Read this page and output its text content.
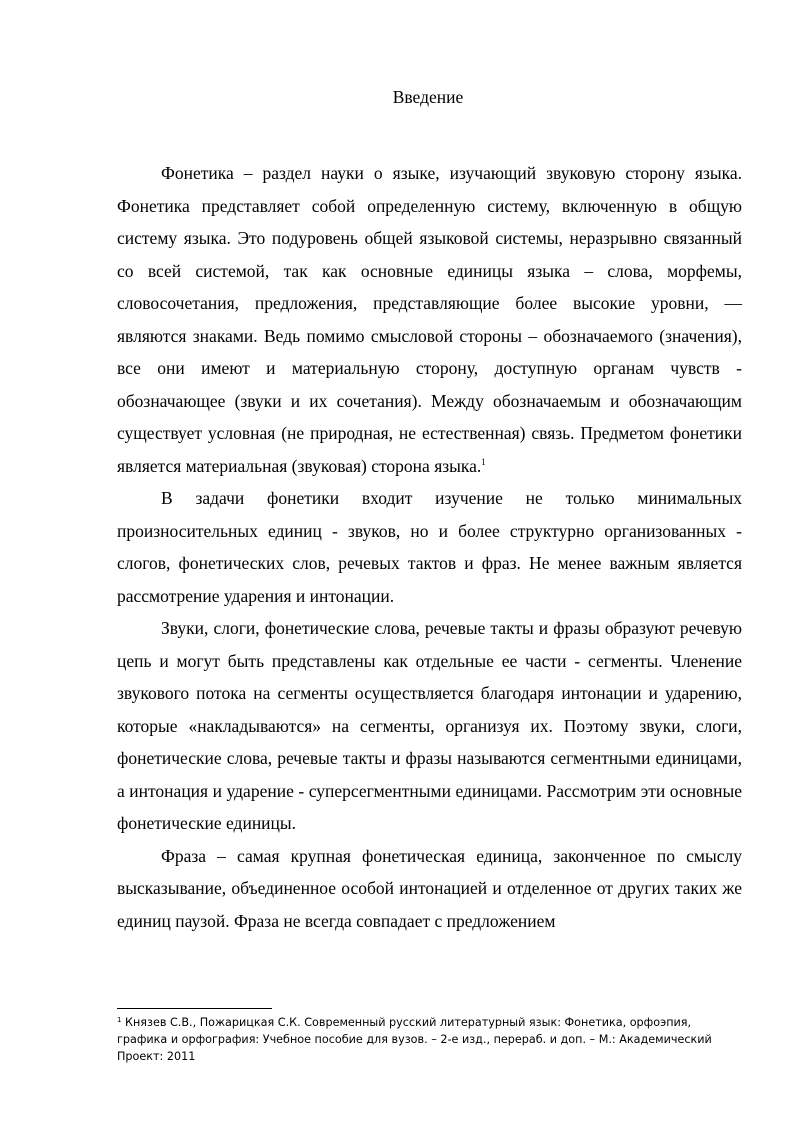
Введение

Фонетика – раздел науки о языке, изучающий звуковую сторону языка. Фонетика представляет собой определенную систему, включенную в общую систему языка. Это подуровень общей языковой системы, неразрывно связанный со всей системой, так как основные единицы языка – слова, морфемы, словосочетания, предложения, представляющие более высокие уровни, — являются знаками. Ведь помимо смысловой стороны – обозначаемого (значения), все они имеют и материальную сторону, доступную органам чувств - обозначающее (звуки и их сочетания). Между обозначаемым и обозначающим существует условная (не природная, не естественная) связь. Предметом фонетики является материальная (звуковая) сторона языка.$^1$

В задачи фонетики входит изучение не только минимальных произносительных единиц - звуков, но и более структурно организованных - слогов, фонетических слов, речевых тактов и фраз. Не менее важным является рассмотрение ударения и интонации.

Звуки, слоги, фонетические слова, речевые такты и фразы образуют речевую цепь и могут быть представлены как отдельные ее части - сегменты. Членение звукового потока на сегменты осуществляется благодаря интонации и ударению, которые «накладываются» на сегменты, организуя их. Поэтому звуки, слоги, фонетические слова, речевые такты и фразы называются сегментными единицами, а интонация и ударение - суперсегментными единицами. Рассмотрим эти основные фонетические единицы.

Фраза – самая крупная фонетическая единица, законченное по смыслу высказывание, объединенное особой интонацией и отделенное от других таких же единиц паузой. Фраза не всегда совпадает с предложением

$^1$ Князев С.В., Пожарицкая С.К. Современный русский литературный язык: Фонетика, орфоэпия, графика и орфография: Учебное пособие для вузов. – 2-е изд., перераб. и доп. – М.: Академический Проект: 2011
